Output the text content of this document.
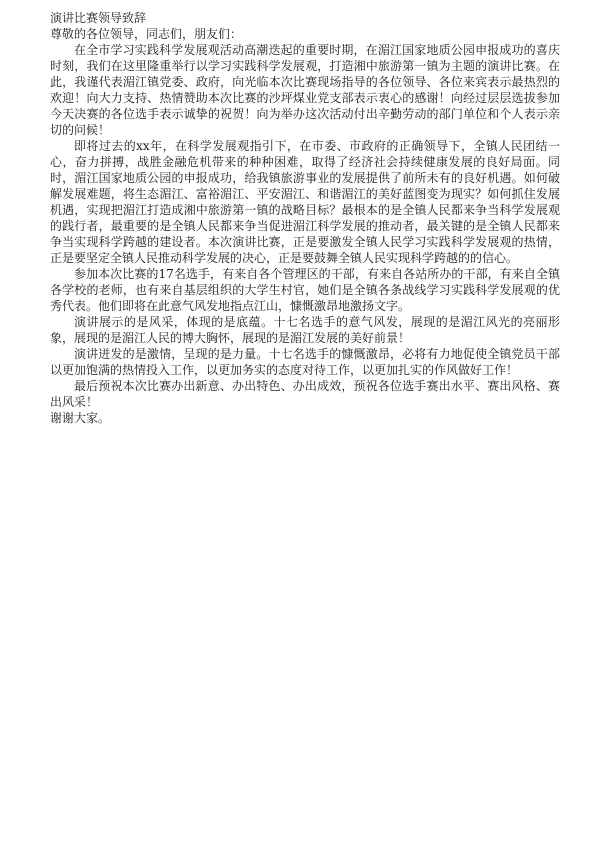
演讲比赛领导致辞

尊敬的各位领导，同志们，朋友们：

在全市学习实践科学发展观活动高潮迭起的重要时期，在湄江国家地质公园申报成功的喜庆时刻，我们在这里隆重举行以学习实践科学发展观，打造湘中旅游第一镇为主题的演讲比赛。在此，我谨代表湄江镇党委、政府，向光临本次比赛现场指导的各位领导、各位来宾表示最热烈的欢迎！向大力支持、热情赞助本次比赛的沙坪煤业党支部表示衷心的感谢！向经过层层选拔参加今天决赛的各位选手表示诚挚的祝贺！向为举办这次活动付出辛勤劳动的部门单位和个人表示亲切的问候！

即将过去的xx年，在科学发展观指引下，在市委、市政府的正确领导下，全镇人民团结一心，奋力拼搏，战胜金融危机带来的种种困难，取得了经济社会持续健康发展的良好局面。同时，湄江国家地质公园的申报成功，给我镇旅游事业的发展提供了前所未有的良好机遇。如何破解发展难题，将生态湄江、富裕湄江、平安湄江、和谐湄江的美好蓝图变为现实？如何抓住发展机遇，实现把湄江打造成湘中旅游第一镇的战略目标？最根本的是全镇人民都来争当科学发展观的践行者，最重要的是全镇人民都来争当促进湄江科学发展的推动者，最关键的是全镇人民都来争当实现科学跨越的建设者。本次演讲比赛，正是要激发全镇人民学习实践科学发展观的热情，正是要坚定全镇人民推动科学发展的决心，正是要鼓舞全镇人民实现科学跨越的的信心。

参加本次比赛的17名选手，有来自各个管理区的干部，有来自各站所办的干部，有来自全镇各学校的老师，也有来自基层组织的大学生村官，她们是全镇各条战线学习实践科学发展观的优秀代表。他们即将在此意气风发地指点江山，慷慨激昂地激扬文字。

演讲展示的是风采，体现的是底蕴。十七名选手的意气风发，展现的是湄江风光的亮丽形象，展现的是湄江人民的博大胸怀，展现的是湄江发展的美好前景！

演讲迸发的是激情，呈现的是力量。十七名选手的慷慨激昂，必将有力地促使全镇党员干部以更加饱满的热情投入工作，以更加务实的态度对待工作，以更加扎实的作风做好工作！

最后预祝本次比赛办出新意、办出特色、办出成效，预祝各位选手赛出水平、赛出风格、赛出风采！

谢谢大家。
